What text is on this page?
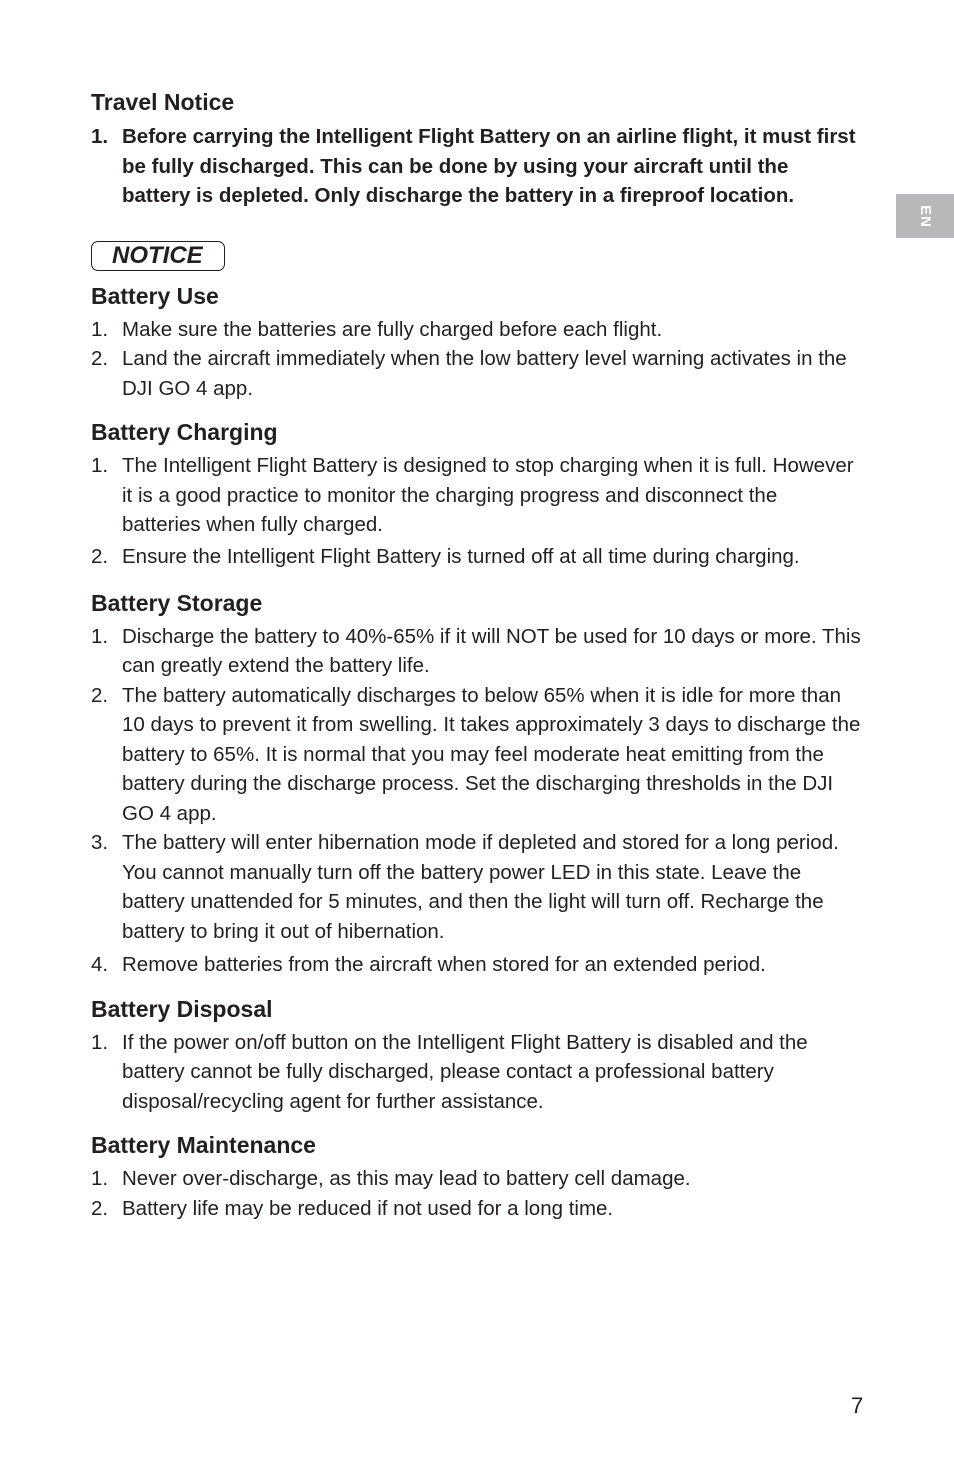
EN
Travel Notice
1. Before carrying the Intelligent Flight Battery on an airline flight, it must first be fully discharged. This can be done by using your aircraft until the battery is depleted. Only discharge the battery in a fireproof location.
NOTICE
Battery Use
1. Make sure the batteries are fully charged before each flight.
2. Land the aircraft immediately when the low battery level warning activates in the DJI GO 4 app.
Battery Charging
1. The Intelligent Flight Battery is designed to stop charging when it is full. However it is a good practice to monitor the charging progress and disconnect the batteries when fully charged.
2. Ensure the Intelligent Flight Battery is turned off at all time during charging.
Battery Storage
1. Discharge the battery to 40%-65% if it will NOT be used for 10 days or more. This can greatly extend the battery life.
2. The battery automatically discharges to below 65% when it is idle for more than 10 days to prevent it from swelling. It takes approximately 3 days to discharge the battery to 65%. It is normal that you may feel moderate heat emitting from the battery during the discharge process. Set the discharging thresholds in the DJI GO 4 app.
3. The battery will enter hibernation mode if depleted and stored for a long period. You cannot manually turn off the battery power LED in this state. Leave the battery unattended for 5 minutes, and then the light will turn off. Recharge the battery to bring it out of hibernation.
4. Remove batteries from the aircraft when stored for an extended period.
Battery Disposal
1. If the power on/off button on the Intelligent Flight Battery is disabled and the battery cannot be fully discharged, please contact a professional battery disposal/recycling agent for further assistance.
Battery Maintenance
1. Never over-discharge, as this may lead to battery cell damage.
2. Battery life may be reduced if not used for a long time.
7
